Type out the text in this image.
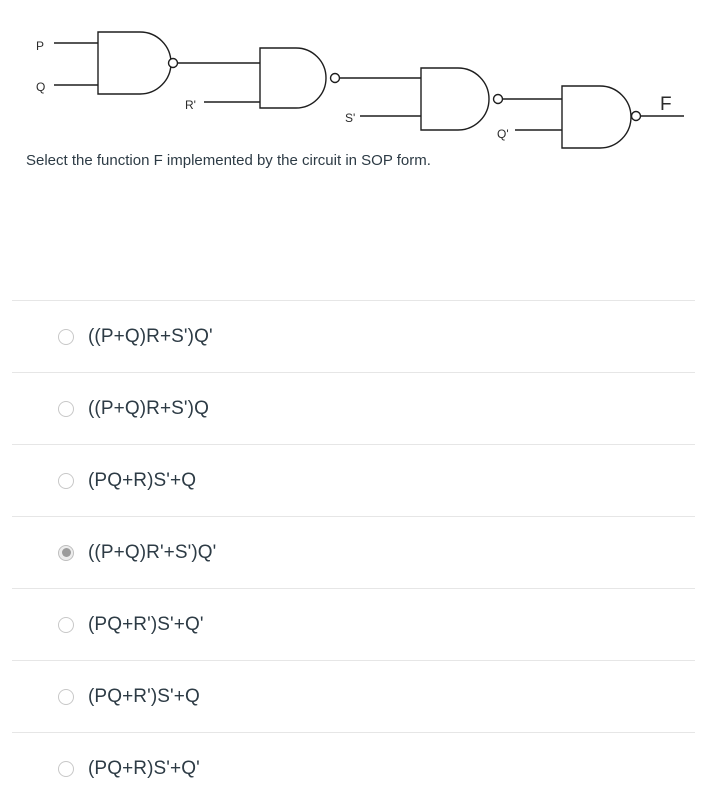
P
Q
R'
S'
Q'
F
Select the function F implemented by the circuit in SOP form.
((P+Q)R+S')Q'
((P+Q)R+S')Q
(PQ+R)S'+Q
((P+Q)R'+S')Q'
(PQ+R')S'+Q'
(PQ+R')S'+Q
(PQ+R)S'+Q'
